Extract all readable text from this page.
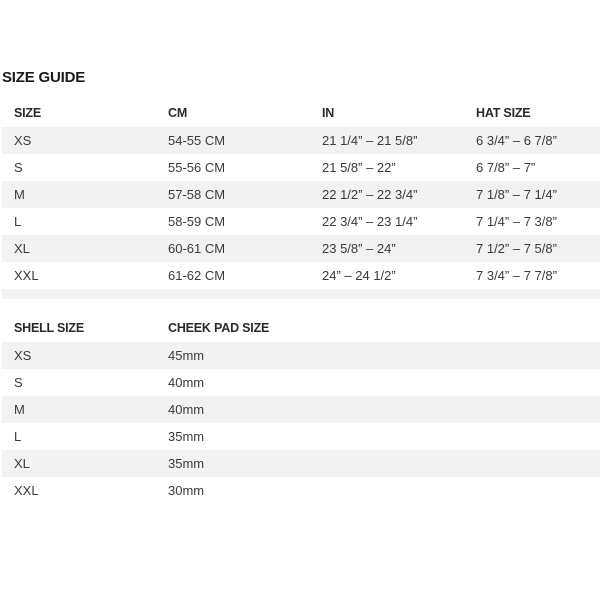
SIZE GUIDE
SIZE	CM	IN	HAT SIZE
XS	54-55 CM	21 1/4” – 21 5/8”	6 3/4” – 6 7/8”
S	55-56 CM	21 5/8” – 22”	6 7/8” – 7”
M	57-58 CM	22 1/2” – 22 3/4”	7 1/8” – 7 1/4”
L	58-59 CM	22 3/4” – 23 1/4”	7 1/4” – 7 3/8”
XL	60-61 CM	23 5/8” – 24”	7 1/2” – 7 5/8”
XXL	61-62 CM	24” – 24 1/2”	7 3/4” – 7 7/8”
SHELL SIZE	CHEEK PAD SIZE
XS	45mm
S	40mm
M	40mm
L	35mm
XL	35mm
XXL	30mm
